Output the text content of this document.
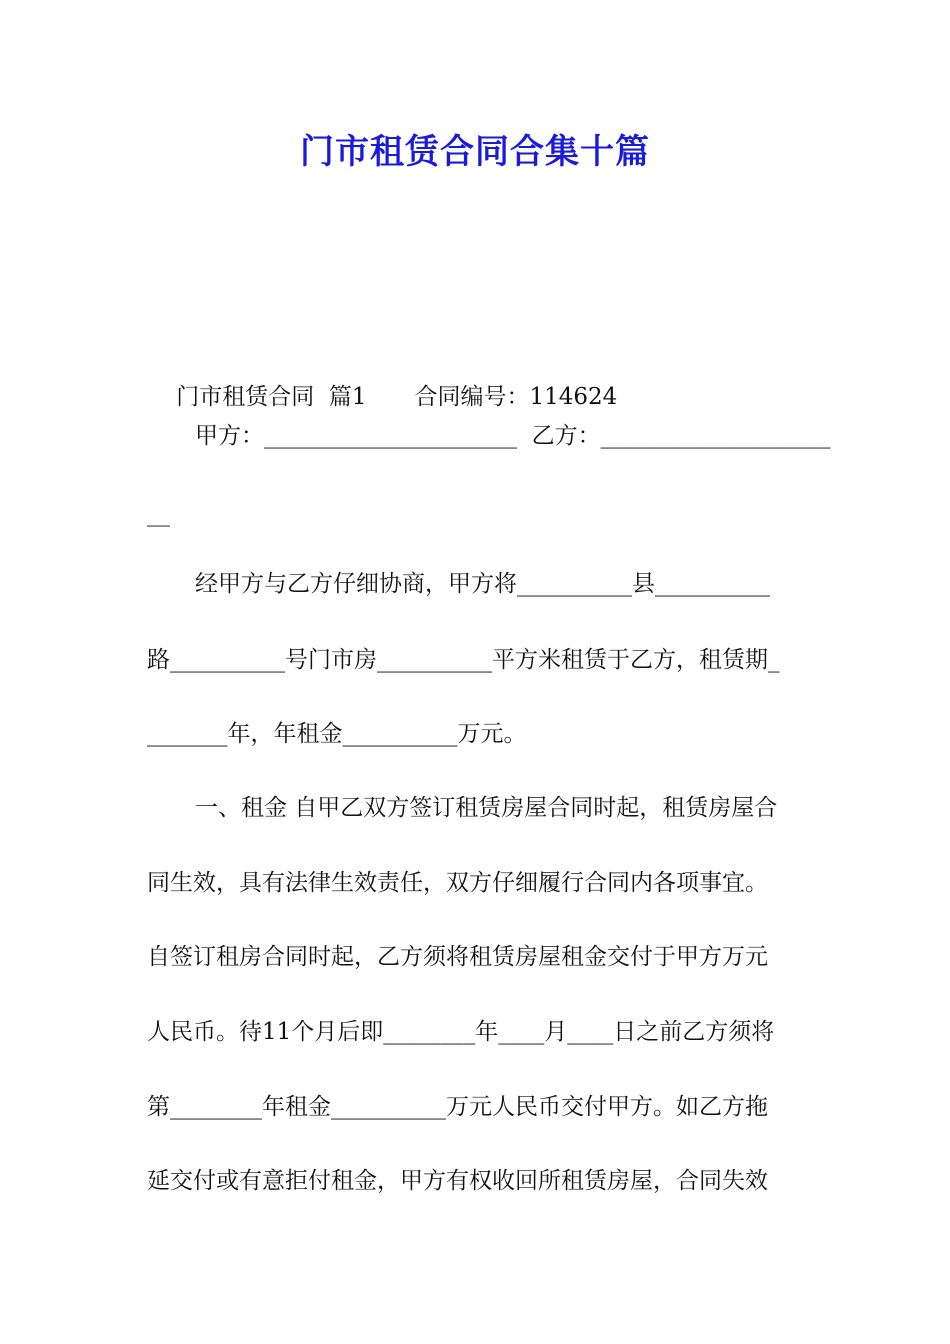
门市租赁合同合集十篇

门市租赁合同  篇1 合同编号：114624

甲方：______________________  乙方：____________________
__
经甲方与乙方仔细协商，甲方将__________县__________
路__________号门市房__________平方米租赁于乙方，租赁期_
_______年，年租金__________万元。
一、租金 自甲乙双方签订租赁房屋合同时起，租赁房屋合
同生效，具有法律生效责任，双方仔细履行合同内各项事宜。
自签订租房合同时起，乙方须将租赁房屋租金交付于甲方万元
人民币。待11个月后即________年____月____日之前乙方须将
第________年租金__________万元人民币交付甲方。如乙方拖
延交付或有意拒付租金，甲方有权收回所租赁房屋，合同失效
